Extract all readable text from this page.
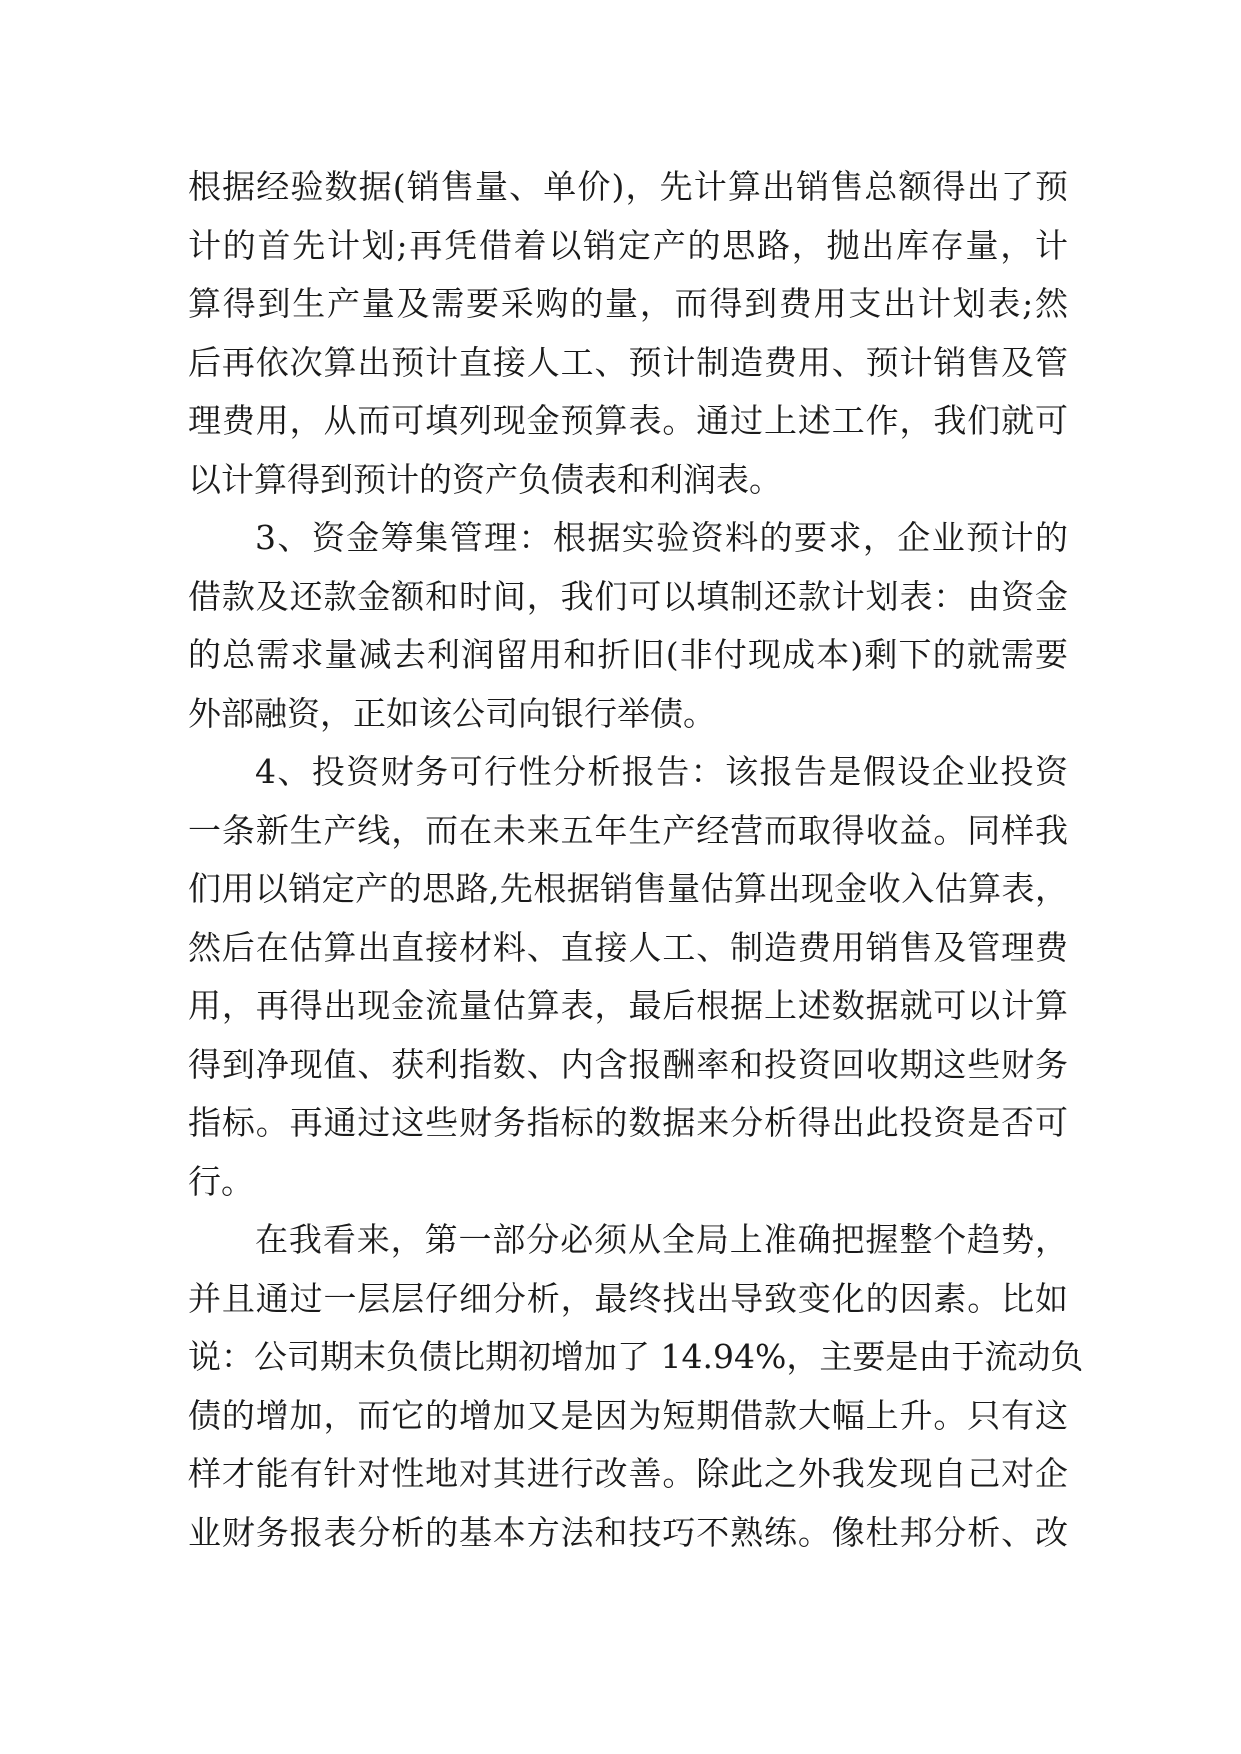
根据经验数据(销售量、单价)，先计算出销售总额得出了预
计的首先计划;再凭借着以销定产的思路，抛出库存量，计
算得到生产量及需要采购的量，而得到费用支出计划表;然
后再依次算出预计直接人工、预计制造费用、预计销售及管
理费用，从而可填列现金预算表。通过上述工作，我们就可
以计算得到预计的资产负债表和利润表。
3、资金筹集管理：根据实验资料的要求，企业预计的
借款及还款金额和时间，我们可以填制还款计划表：由资金
的总需求量减去利润留用和折旧(非付现成本)剩下的就需要
外部融资，正如该公司向银行举债。
4、投资财务可行性分析报告：该报告是假设企业投资
一条新生产线，而在未来五年生产经营而取得收益。同样我
们用以销定产的思路,先根据销售量估算出现金收入估算表，
然后在估算出直接材料、直接人工、制造费用销售及管理费
用，再得出现金流量估算表，最后根据上述数据就可以计算
得到净现值、获利指数、内含报酬率和投资回收期这些财务
指标。再通过这些财务指标的数据来分析得出此投资是否可
行。
在我看来，第一部分必须从全局上准确把握整个趋势，
并且通过一层层仔细分析，最终找出导致变化的因素。比如
说：公司期末负债比期初增加了 14.94%，主要是由于流动负
债的增加，而它的增加又是因为短期借款大幅上升。只有这
样才能有针对性地对其进行改善。除此之外我发现自己对企
业财务报表分析的基本方法和技巧不熟练。像杜邦分析、改
